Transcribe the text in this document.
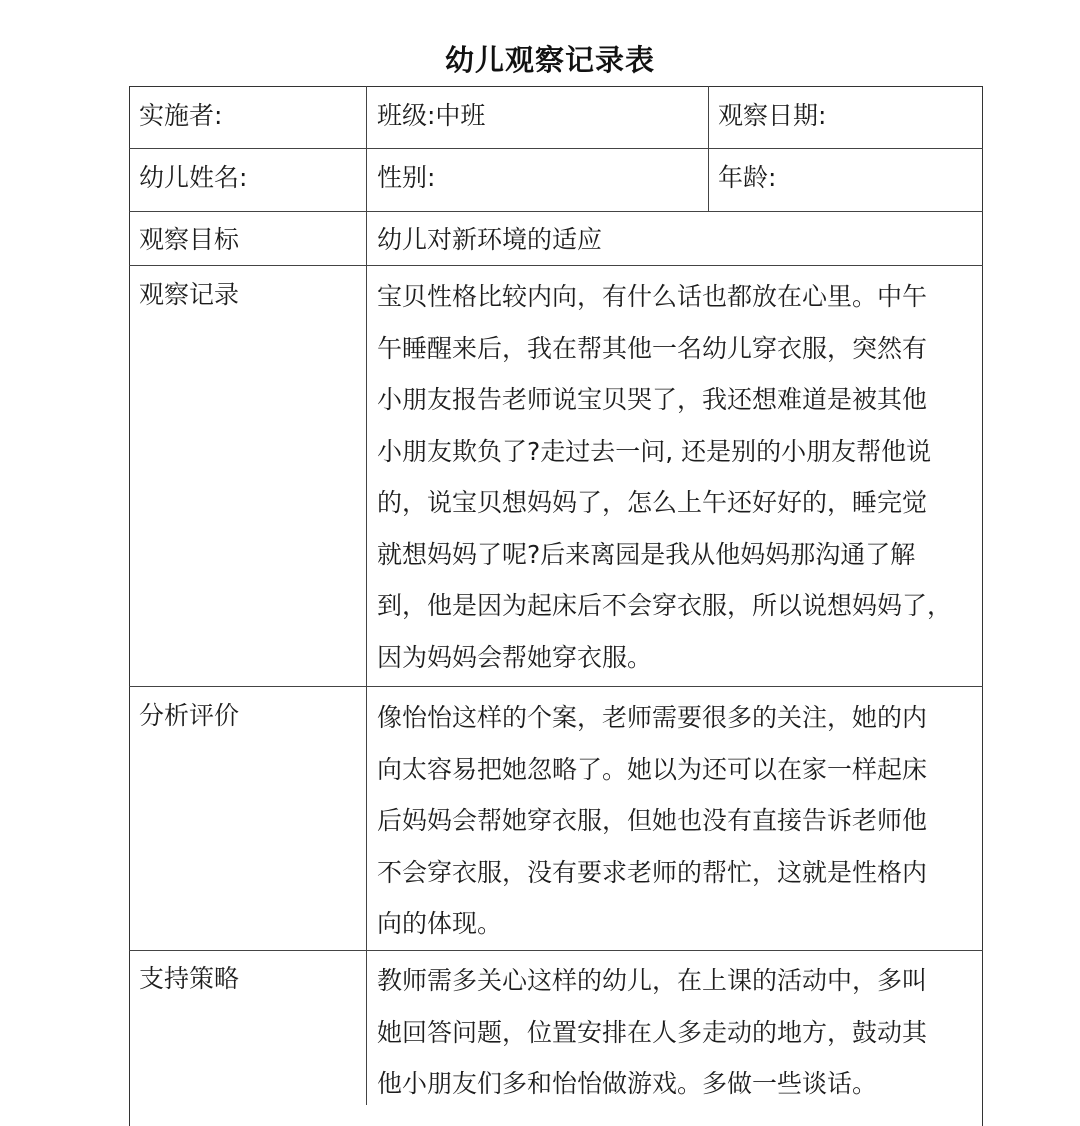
幼儿观察记录表
实施者:	班级:中班	观察日期:
幼儿姓名:	性别:	年龄:
观察目标	幼儿对新环境的适应
观察记录	宝贝性格比较内向，有什么话也都放在心里。中午
午睡醒来后，我在帮其他一名幼儿穿衣服，突然有
小朋友报告老师说宝贝哭了，我还想难道是被其他
小朋友欺负了?走过去一问, 还是别的小朋友帮他说
的，说宝贝想妈妈了，怎么上午还好好的，睡完觉
就想妈妈了呢?后来离园是我从他妈妈那沟通了解
到，他是因为起床后不会穿衣服，所以说想妈妈了，
因为妈妈会帮她穿衣服。
分析评价	像怡怡这样的个案，老师需要很多的关注，她的内
向太容易把她忽略了。她以为还可以在家一样起床
后妈妈会帮她穿衣服，但她也没有直接告诉老师他
不会穿衣服，没有要求老师的帮忙，这就是性格内
向的体现。
支持策略	教师需多关心这样的幼儿，在上课的活动中，多叫
她回答问题，位置安排在人多走动的地方，鼓动其
他小朋友们多和怡怡做游戏。多做一些谈话。
